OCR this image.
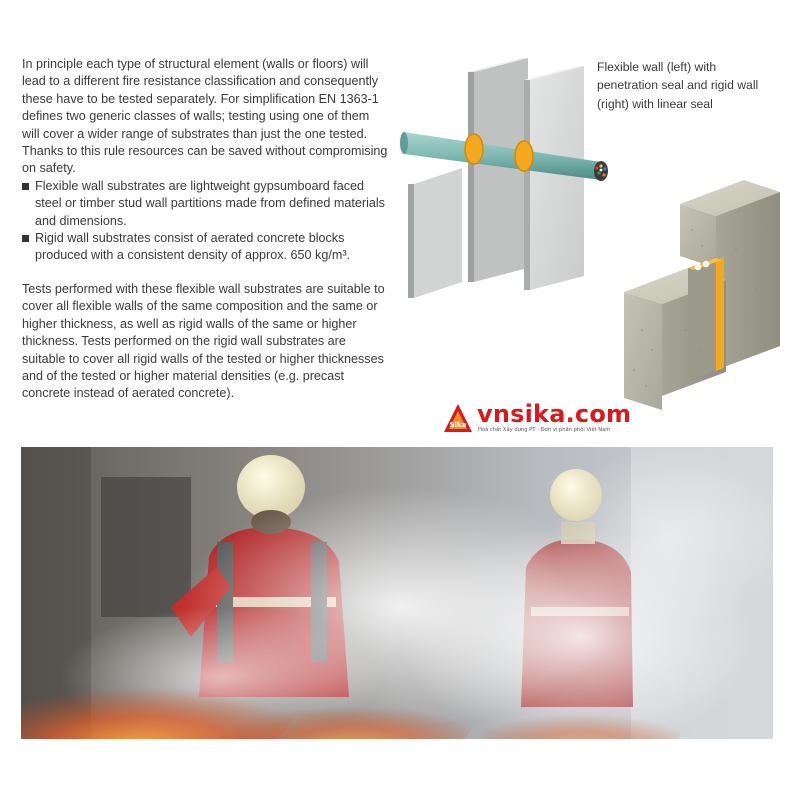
In principle each type of structural element (walls or floors) will lead to a different fire resistance classification and consequently these have to be tested separately. For simplification EN 1363-1 defines two generic classes of walls; testing using one of them will cover a wider range of substrates than just the one tested. Thanks to this rule resources can be saved without compromising on safety.

Flexible wall substrates are lightweight gypsumboard faced steel or timber stud wall partitions made from defined materials and dimensions.
Rigid wall substrates consist of aerated concrete blocks produced with a consistent density of approx. 650 kg/m³.

Tests performed with these flexible wall substrates are suitable to cover all flexible walls of the same composition and the same or higher thickness, as well as rigid walls of the same or higher thickness. Tests performed on the rigid wall substrates are suitable to cover all rigid walls of the tested or higher thicknesses and of the tested or higher material densities (e.g. precast concrete instead of aerated concrete).

Flexible wall (left) with penetration seal and rigid wall (right) with linear seal
Sika vnsika.com
Hoá chất Xây dựng PT - Đơn vị phân phối Việt Nam
